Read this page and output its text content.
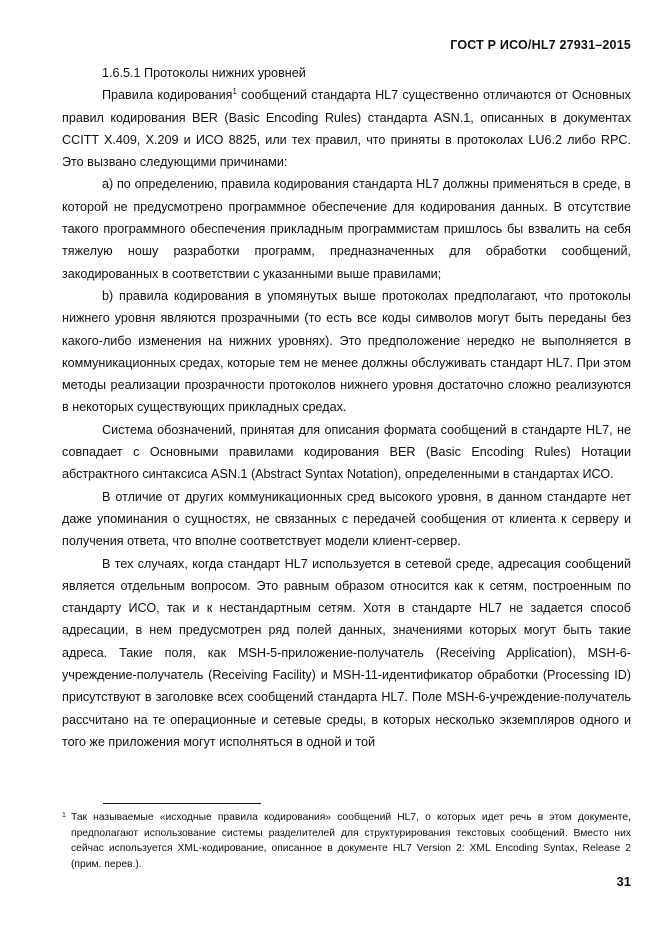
ГОСТ Р ИСО/HL7 27931–2015
1.6.5.1 Протоколы нижних уровней

Правила кодирования$^1$ сообщений стандарта HL7 существенно отличаются от Основных правил кодирования BER (Basic Encoding Rules) стандарта ASN.1, описанных в документах CCITT X.409, X.209 и ИСО 8825, или тех правил, что приняты в протоколах LU6.2 либо RPC. Это вызвано следующими причинами:

а) по определению, правила кодирования стандарта HL7 должны применяться в среде, в которой не предусмотрено программное обеспечение для кодирования данных. В отсутствие такого программного обеспечения прикладным программистам пришлось бы взвалить на себя тяжелую ношу разработки программ, предназначенных для обработки сообщений, закодированных в соответствии с указанными выше правилами;

b) правила кодирования в упомянутых выше протоколах предполагают, что протоколы нижнего уровня являются прозрачными (то есть все коды символов могут быть переданы без какого-либо изменения на нижних уровнях). Это предположение нередко не выполняется в коммуникационных средах, которые тем не менее должны обслуживать стандарт HL7. При этом методы реализации прозрачности протоколов нижнего уровня достаточно сложно реализуются в некоторых существующих прикладных средах.

Система обозначений, принятая для описания формата сообщений в стандарте HL7, не совпадает с Основными правилами кодирования BER (Basic Encoding Rules) Нотации абстрактного синтаксиса ASN.1 (Abstract Syntax Notation), определенными в стандартах ИСО.

В отличие от других коммуникационных сред высокого уровня, в данном стандарте нет даже упоминания о сущностях, не связанных с передачей сообщения от клиента к серверу и получения ответа, что вполне соответствует модели клиент-сервер.

В тех случаях, когда стандарт HL7 используется в сетевой среде, адресация сообщений является отдельным вопросом. Это равным образом относится как к сетям, построенным по стандарту ИСО, так и к нестандартным сетям. Хотя в стандарте HL7 не задается способ адресации, в нем предусмотрен ряд полей данных, значениями которых могут быть такие адреса. Такие поля, как MSH-5-приложение-получатель (Receiving Application), MSH-6-учреждение-получатель (Receiving Facility) и MSH-11-идентификатор обработки (Processing ID) присутствуют в заголовке всех сообщений стандарта HL7. Поле MSH-6-учреждение-получатель рассчитано на те операционные и сетевые среды, в которых несколько экземпляров одного и того же приложения могут исполняться в одной и той

1 Так называемые «исходные правила кодирования» сообщений HL7, о которых идет речь в этом документе, предполагают использование системы разделителей для структурирования текстовых сообщений. Вместо них сейчас используется XML-кодирование, описанное в документе HL7 Version 2: XML Encoding Syntax, Release 2 (прим. перев.).
31
